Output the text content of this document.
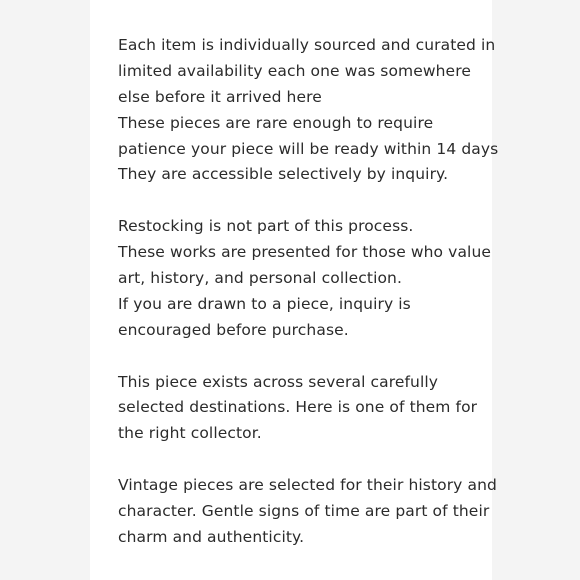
Each item is individually sourced and curated in
limited availability each one was somewhere
else before it arrived here
These pieces are rare enough to require
patience your piece will be ready within 14 days
They are accessible selectively by inquiry.
Restocking is not part of this process.
These works are presented for those who value
art, history, and personal collection.
If you are drawn to a piece, inquiry is
encouraged before purchase.
This piece exists across several carefully
selected destinations. Here is one of them for
the right collector.
Vintage pieces are selected for their history and
character. Gentle signs of time are part of their
charm and authenticity.
